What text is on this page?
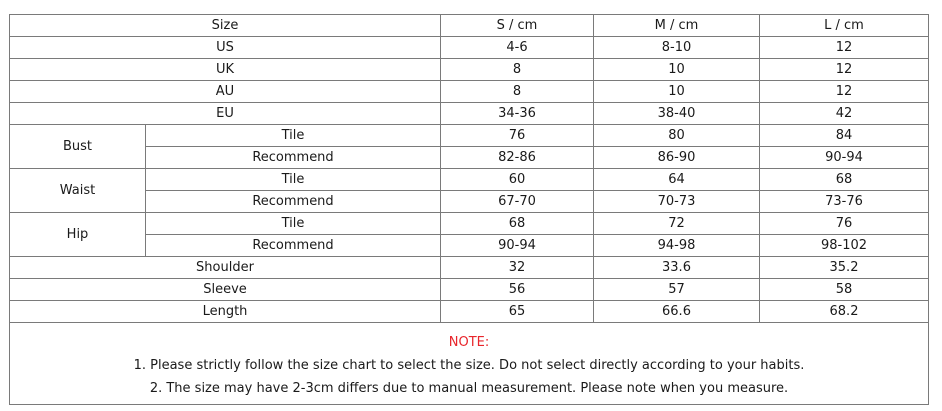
Size		S / cm	M / cm	L / cm
US		4-6	8-10	12
UK		8	10	12
AU		8	10	12
EU		34-36	38-40	42
Bust	Tile	76	80	84
	Recommend	82-86	86-90	90-94
Waist	Tile	60	64	68
	Recommend	67-70	70-73	73-76
Hip	Tile	68	72	76
	Recommend	90-94	94-98	98-102
Shoulder		32	33.6	35.2
Sleeve		56	57	58
Length		65	66.6	68.2

NOTE:
1. Please strictly follow the size chart to select the size. Do not select directly according to your habits.
2. The size may have 2-3cm differs due to manual measurement. Please note when you measure.				
